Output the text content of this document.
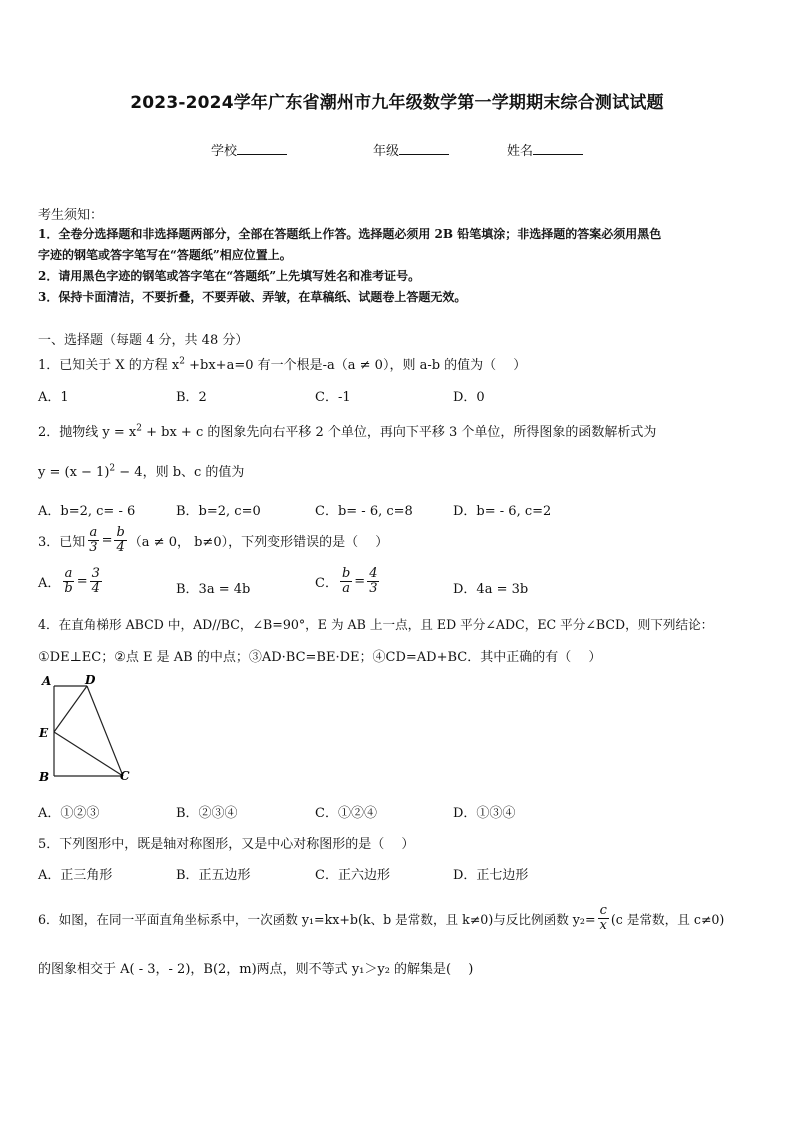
2023-2024学年广东省潮州市九年级数学第一学期期末综合测试试题
学校	年级	姓名
考生须知：
1．全卷分选择题和非选择题两部分，全部在答题纸上作答。选择题必须用 2B 铅笔填涂；非选择题的答案必须用黑色
字迹的钢笔或答字笔写在“答题纸”相应位置上。
2．请用黑色字迹的钢笔或答字笔在“答题纸”上先填写姓名和准考证号。
3．保持卡面清洁，不要折叠，不要弄破、弄皱，在草稿纸、试题卷上答题无效。
一、选择题（每题 4 分，共 48 分）
1．已知关于 X 的方程 $x^2 +bx+a=0$ 有一个根是-a（a ≠ 0），则 a-b 的值为（　 ）
A．1	B．2	C．-1	D．0
2．抛物线 $y = x^2$ + bx + c 的图象先向右平移 2 个单位，再向下平移 3 个单位，所得图象的函数解析式为
$y = (x - 1)^2 - 4$，则 b、c 的值为
A．b=2, c= - 6	B．b=2, c=0	C．b= - 6, c=8	D．b= - 6, c=2
3．已知 $\frac{a}{3} = \frac{b}{4} (a \ne 0$， b≠0），下列变形错误的是（　 ）
A． $\frac{a}{b} = \frac{3}{4}$	B．3a = 4b	C． $\frac{b}{a} = \frac{4}{3}$	D．4a = 3b
4．在直角梯形 ABCD 中，AD//BC，∠B=90°，E 为 AB 上一点，且 ED 平分∠ADC，EC 平分∠BCD，则下列结论：
①DE⊥EC；②点 E 是 AB 的中点；③AD·BC=BE·DE；④CD=AD+BC．其中正确的有（　 ）
A	D
E
B	C
A．①②③	B．②③④	C．①②④	D．①③④
5．下列图形中，既是轴对称图形，又是中心对称图形的是（　 ）
A．正三角形	B．正五边形	C．正六边形	D．正七边形
6．如图，在同一平面直角坐标系中，一次函数 y₁=kx+b(k、b 是常数，且 k≠0)与反比例函数 $y_2= \frac{c}{x} (c$ 是常数，且 c≠0)
的图象相交于 A( - 3，- 2)，B(2，m)两点，则不等式 y₁＞y₂ 的解集是(　 )
